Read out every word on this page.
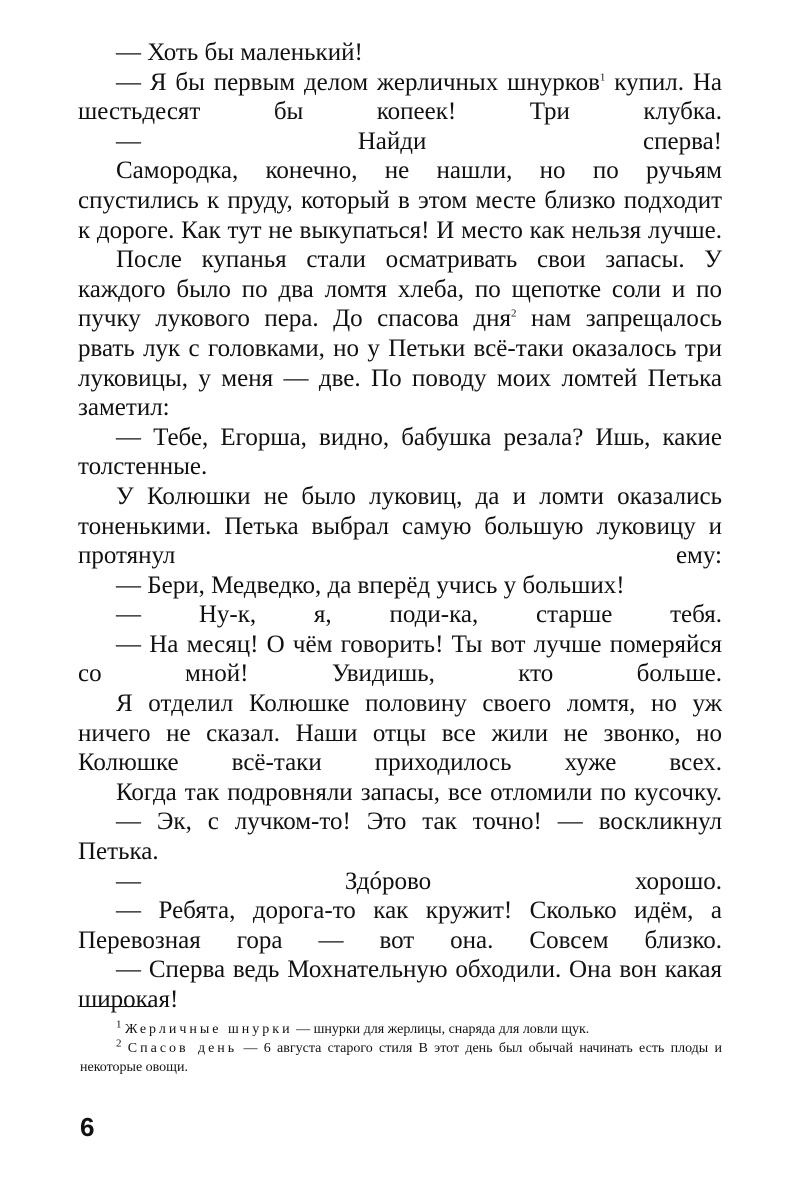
— Хоть бы маленький!

— Я бы первым делом жерличных шнурков$^1$ купил. На шестьдесят бы копеек! Три клубка.

— Найди сперва!

Самородка, конечно, не нашли, но по ручьям спустились к пруду, который в этом месте близко подходит к дороге. Как тут не выкупаться! И место как нельзя лучше.

После купанья стали осматривать свои запасы. У каждого было по два ломтя хлеба, по щепотке соли и по пучку лукового пера. До спасова дня$^2$ нам запрещалось рвать лук с головками, но у Петьки всё-таки оказалось три луковицы, у меня — две. По поводу моих ломтей Петька заметил:

— Тебе, Егорша, видно, бабушка резала? Ишь, какие толстенные.

У Колюшки не было луковиц, да и ломти оказались тоненькими. Петька выбрал самую большую луковицу и протянул ему:

— Бери, Медведко, да вперёд учись у больших!

— Ну-к, я, поди-ка, старше тебя.

— На месяц! О чём говорить! Ты вот лучше померяйся со мной! Увидишь, кто больше.

Я отделил Колюшке половину своего ломтя, но уж ничего не сказал. Наши отцы все жили не звонко, но Колюшке всё-таки приходилось хуже всех.

Когда так подровняли запасы, все отломили по кусочку.

— Эк, с лучком-то! Это так точно! — воскликнул Петька.

— Здóрово хорошо.

— Ребята, дорога-то как кружит! Сколько идём, а Перевозная гора — вот она. Совсем близко.

— Сперва ведь Мохнательную обходили. Она вон какая широкая!

$^1$ Жерличные шнурки — шнурки для жерлицы, снаряда для ловли щук.

$^2$ Спасов день — 6 августа старого стиля В этот день был обычай начинать есть плоды и некоторые овощи.

6
